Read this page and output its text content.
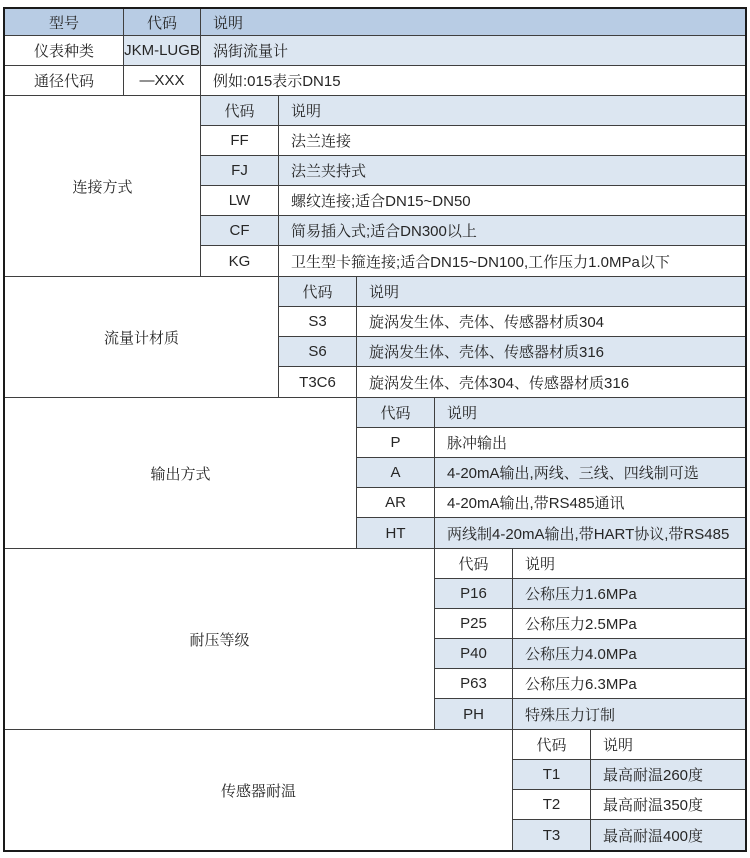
型号	代码	说明
仪表种类	JKM-LUGB 涡街流量计
通径代码	—XXX	例如:015表示DN15
连接方式
代码	说明
FF	法兰连接
FJ	法兰夹持式
LW	螺纹连接;适合DN15~DN50
CF	简易插入式;适合DN300以上
KG	卫生型卡箍连接;适合DN15~DN100,工作压力1.0MPa以下
流量计材质
代码	说明
S3	旋涡发生体、壳体、传感器材质304
S6	旋涡发生体、壳体、传感器材质316
T3C6	旋涡发生体、壳体304、传感器材质316
输出方式
代码	说明
P	脉冲输出
A	4-20mA输出,两线、三线、四线制可选
AR	4-20mA输出,带RS485通讯
HT	两线制4-20mA输出,带HART协议,带RS485
耐压等级
代码	说明
P16	公称压力1.6MPa
P25	公称压力2.5MPa
P40	公称压力4.0MPa
P63	公称压力6.3MPa
PH	特殊压力订制
传感器耐温
代码	说明
T1	最高耐温260度
T2	最高耐温350度
T3	最高耐温400度
